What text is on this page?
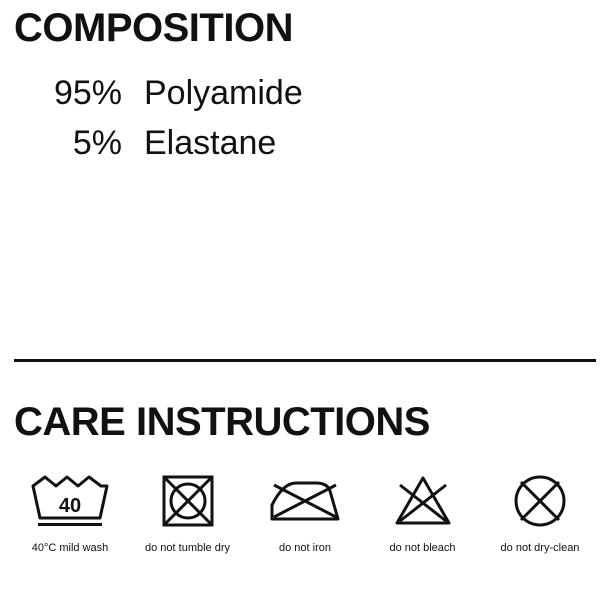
COMPOSITION
95% Polyamide
5% Elastane
CARE INSTRUCTIONS
40
40°C mild wash	do not tumble dry	do not iron	do not bleach	do not dry-clean
